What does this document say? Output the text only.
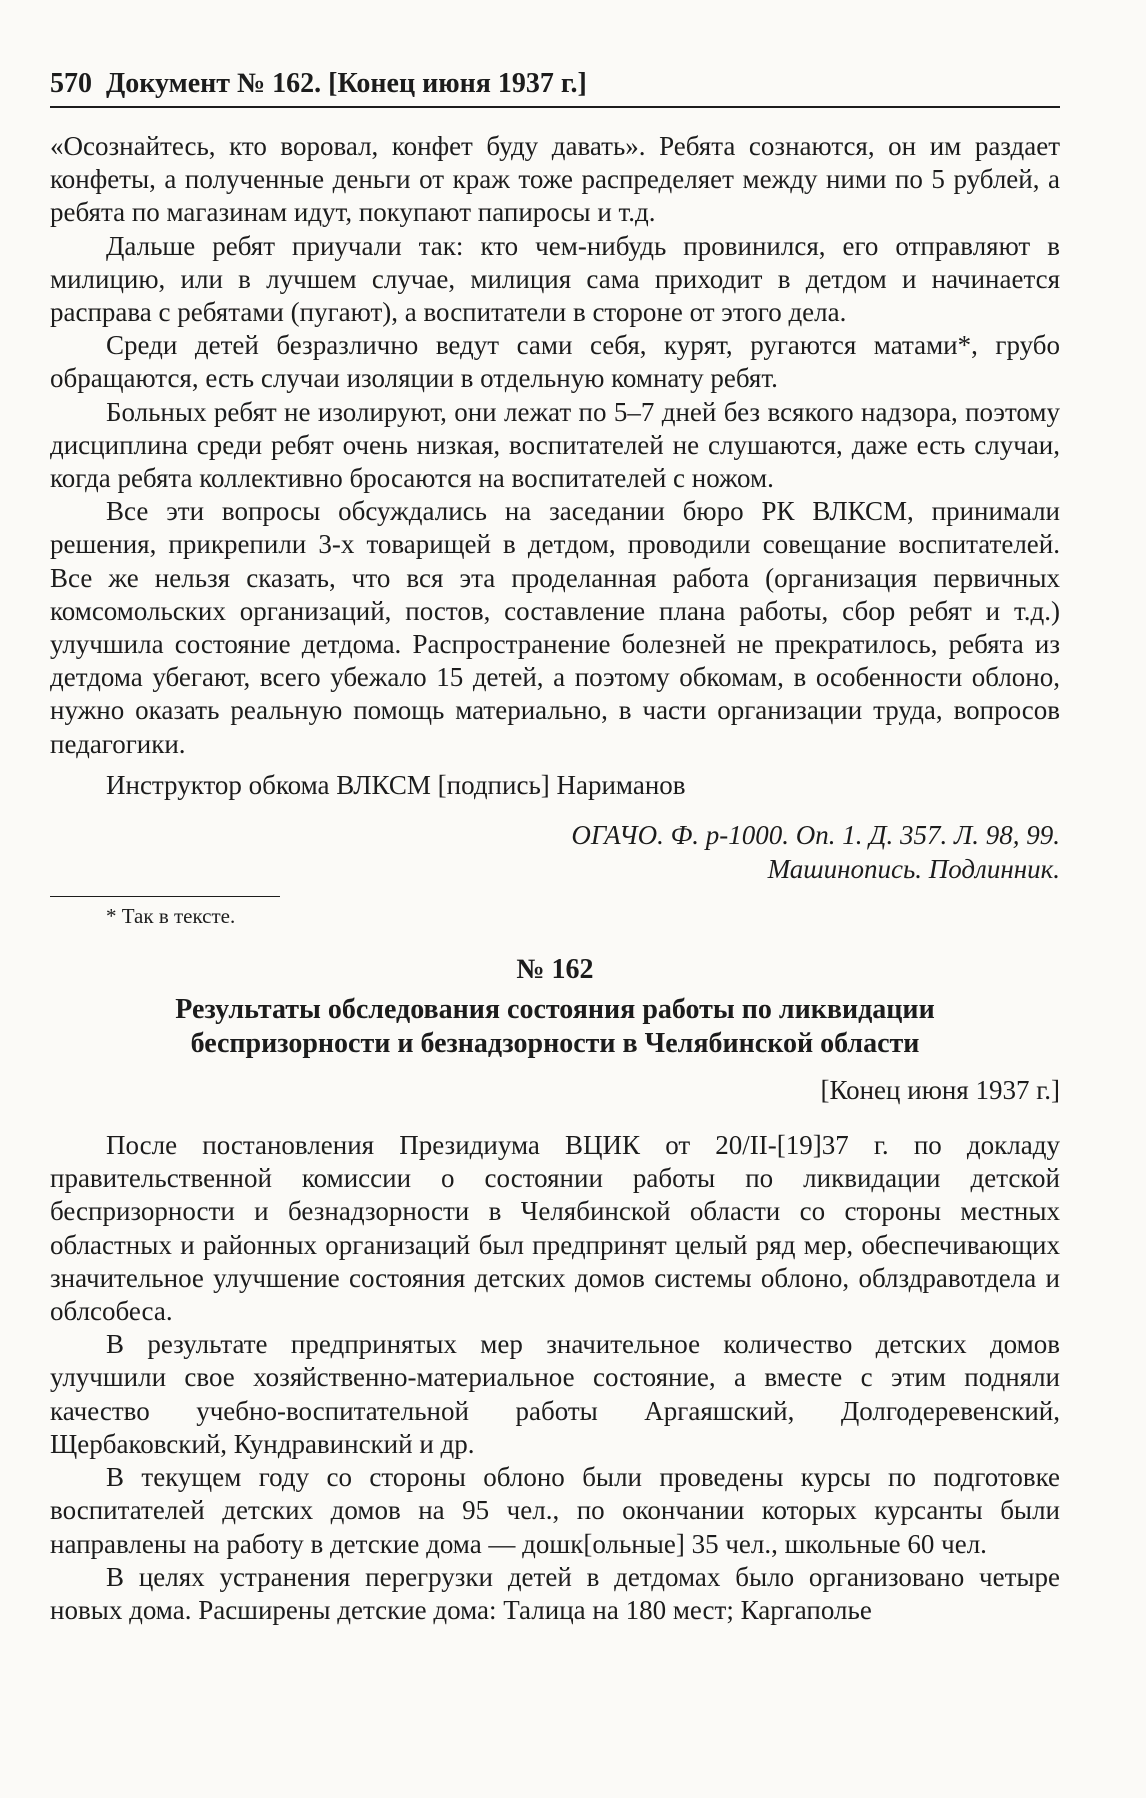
570 Документ № 162. [Конец июня 1937 г.]

«Осознайтесь, кто воровал, конфет буду давать». Ребята сознаются, он им раздает конфеты, а полученные деньги от краж тоже распределяет между ними по 5 рублей, а ребята по магазинам идут, покупают папиросы и т.д.

Дальше ребят приучали так: кто чем-нибудь провинился, его отправляют в милицию, или в лучшем случае, милиция сама приходит в детдом и начинается расправа с ребятами (пугают), а воспитатели в стороне от этого дела.

Среди детей безразлично ведут сами себя, курят, ругаются матами*, грубо обращаются, есть случаи изоляции в отдельную комнату ребят.

Больных ребят не изолируют, они лежат по 5–7 дней без всякого надзора, поэтому дисциплина среди ребят очень низкая, воспитателей не слушаются, даже есть случаи, когда ребята коллективно бросаются на воспитателей с ножом.

Все эти вопросы обсуждались на заседании бюро РК ВЛКСМ, принимали решения, прикрепили 3-х товарищей в детдом, проводили совещание воспитателей. Все же нельзя сказать, что вся эта проделанная работа (организация первичных комсомольских организаций, постов, составление плана работы, сбор ребят и т.д.) улучшила состояние детдома. Распространение болезней не прекратилось, ребята из детдома убегают, всего убежало 15 детей, а поэтому обкомам, в особенности облоно, нужно оказать реальную помощь материально, в части организации труда, вопросов педагогики.

Инструктор обкома ВЛКСМ [подпись] Нариманов

ОГАЧО. Ф. р-1000. Оп. 1. Д. 357. Л. 98, 99.
Машинопись. Подлинник.
* Так в тексте.
№ 162
Результаты обследования состояния работы по ликвидации
беспризорности и безнадзорности в Челябинской области
[Конец июня 1937 г.]

После постановления Президиума ВЦИК от 20/II-[19]37 г. по докладу правительственной комиссии о состоянии работы по ликвидации детской беспризорности и безнадзорности в Челябинской области со стороны местных областных и районных организаций был предпринят целый ряд мер, обеспечивающих значительное улучшение состояния детских домов системы облоно, облздравотдела и облсобеса.

В результате предпринятых мер значительное количество детских домов улучшили свое хозяйственно-материальное состояние, а вместе с этим подняли качество учебно-воспитательной работы Аргаяшский, Долгодеревенский, Щербаковский, Кундравинский и др.

В текущем году со стороны облоно были проведены курсы по подготовке воспитателей детских домов на 95 чел., по окончании которых курсанты были направлены на работу в детские дома — дошк[ольные] 35 чел., школьные 60 чел.

В целях устранения перегрузки детей в детдомах было организовано четыре новых дома. Расширены детские дома: Талица на 180 мест; Каргаполье
